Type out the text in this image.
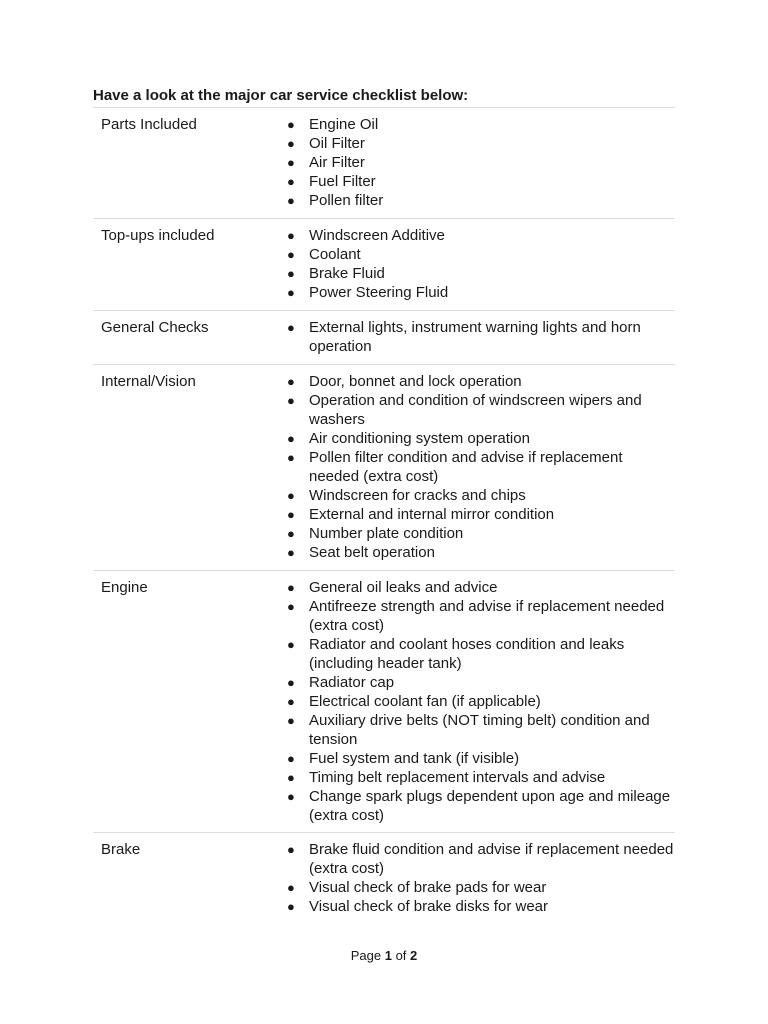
Have a look at the major car service checklist below:

Parts Included	● Engine Oil
● Oil Filter
● Air Filter
● Fuel Filter
● Pollen filter
Top-ups included	● Windscreen Additive
● Coolant
● Brake Fluid
● Power Steering Fluid
General Checks	● External lights, instrument warning lights and horn operation
Internal/Vision	● Door, bonnet and lock operation
● Operation and condition of windscreen wipers and washers
● Air conditioning system operation
● Pollen filter condition and advise if replacement needed (extra cost)
● Windscreen for cracks and chips
● External and internal mirror condition
● Number plate condition
● Seat belt operation
Engine	● General oil leaks and advice
● Antifreeze strength and advise if replacement needed (extra cost)
● Radiator and coolant hoses condition and leaks (including header tank)
● Radiator cap
● Electrical coolant fan (if applicable)
● Auxiliary drive belts (NOT timing belt) condition and tension
● Fuel system and tank (if visible)
● Timing belt replacement intervals and advise
● Change spark plugs dependent upon age and mileage (extra cost)
Brake	● Brake fluid condition and advise if replacement needed (extra cost)
● Visual check of brake pads for wear
● Visual check of brake disks for wear
Page 1 of 2
